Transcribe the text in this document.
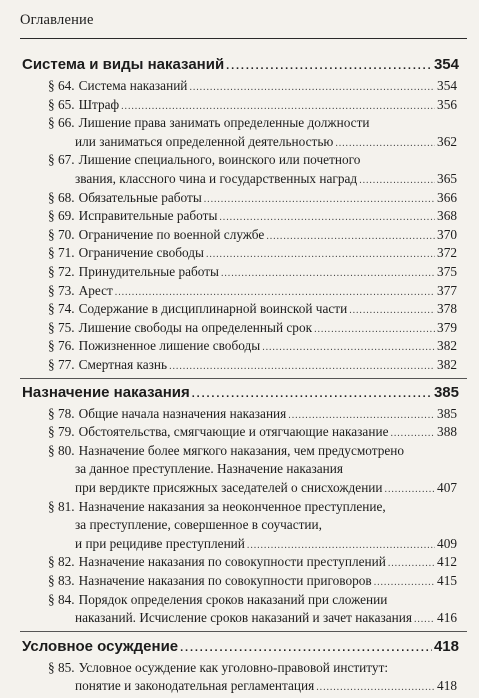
Оглавление
Система и виды наказаний . . .	354
§ 64. Система наказаний . . .	354
§ 65. Штраф . . .	356
§ 66. Лишение права занимать определенные должности
или заниматься определенной деятельностью . . .	362
§ 67. Лишение специального, воинского или почетного
звания, классного чина и государственных наград . . .	365
§ 68. Обязательные работы . . .	366
§ 69. Исправительные работы . . .	368
§ 70. Ограничение по военной службе . . .	370
§ 71. Ограничение свободы . . .	372
§ 72. Принудительные работы . . .	375
§ 73. Арест . . .	377
§ 74. Содержание в дисциплинарной воинской части . . .	378
§ 75. Лишение свободы на определенный срок . . .	379
§ 76. Пожизненное лишение свободы . . .	382
§ 77. Смертная казнь . . .	382
Назначение наказания . . .	385
§ 78. Общие начала назначения наказания . . .	385
§ 79. Обстоятельства, смягчающие и отягчающие наказание . . .	388
§ 80. Назначение более мягкого наказания, чем предусмотрено
за данное преступление. Назначение наказания
при вердикте присяжных заседателей о снисхождении . . .	407
§ 81. Назначение наказания за неоконченное преступление,
за преступление, совершенное в соучастии,
и при рецидиве преступлений . . .	409
§ 82. Назначение наказания по совокупности преступлений . . .	412
§ 83. Назначение наказания по совокупности приговоров . . .	415
§ 84. Порядок определения сроков наказаний при сложении
наказаний. Исчисление сроков наказаний и зачет наказания . . . 416
Условное осуждение . . .	418
§ 85. Условное осуждение как уголовно-правовой институт:
понятие и законодательная регламентация . . .	418
